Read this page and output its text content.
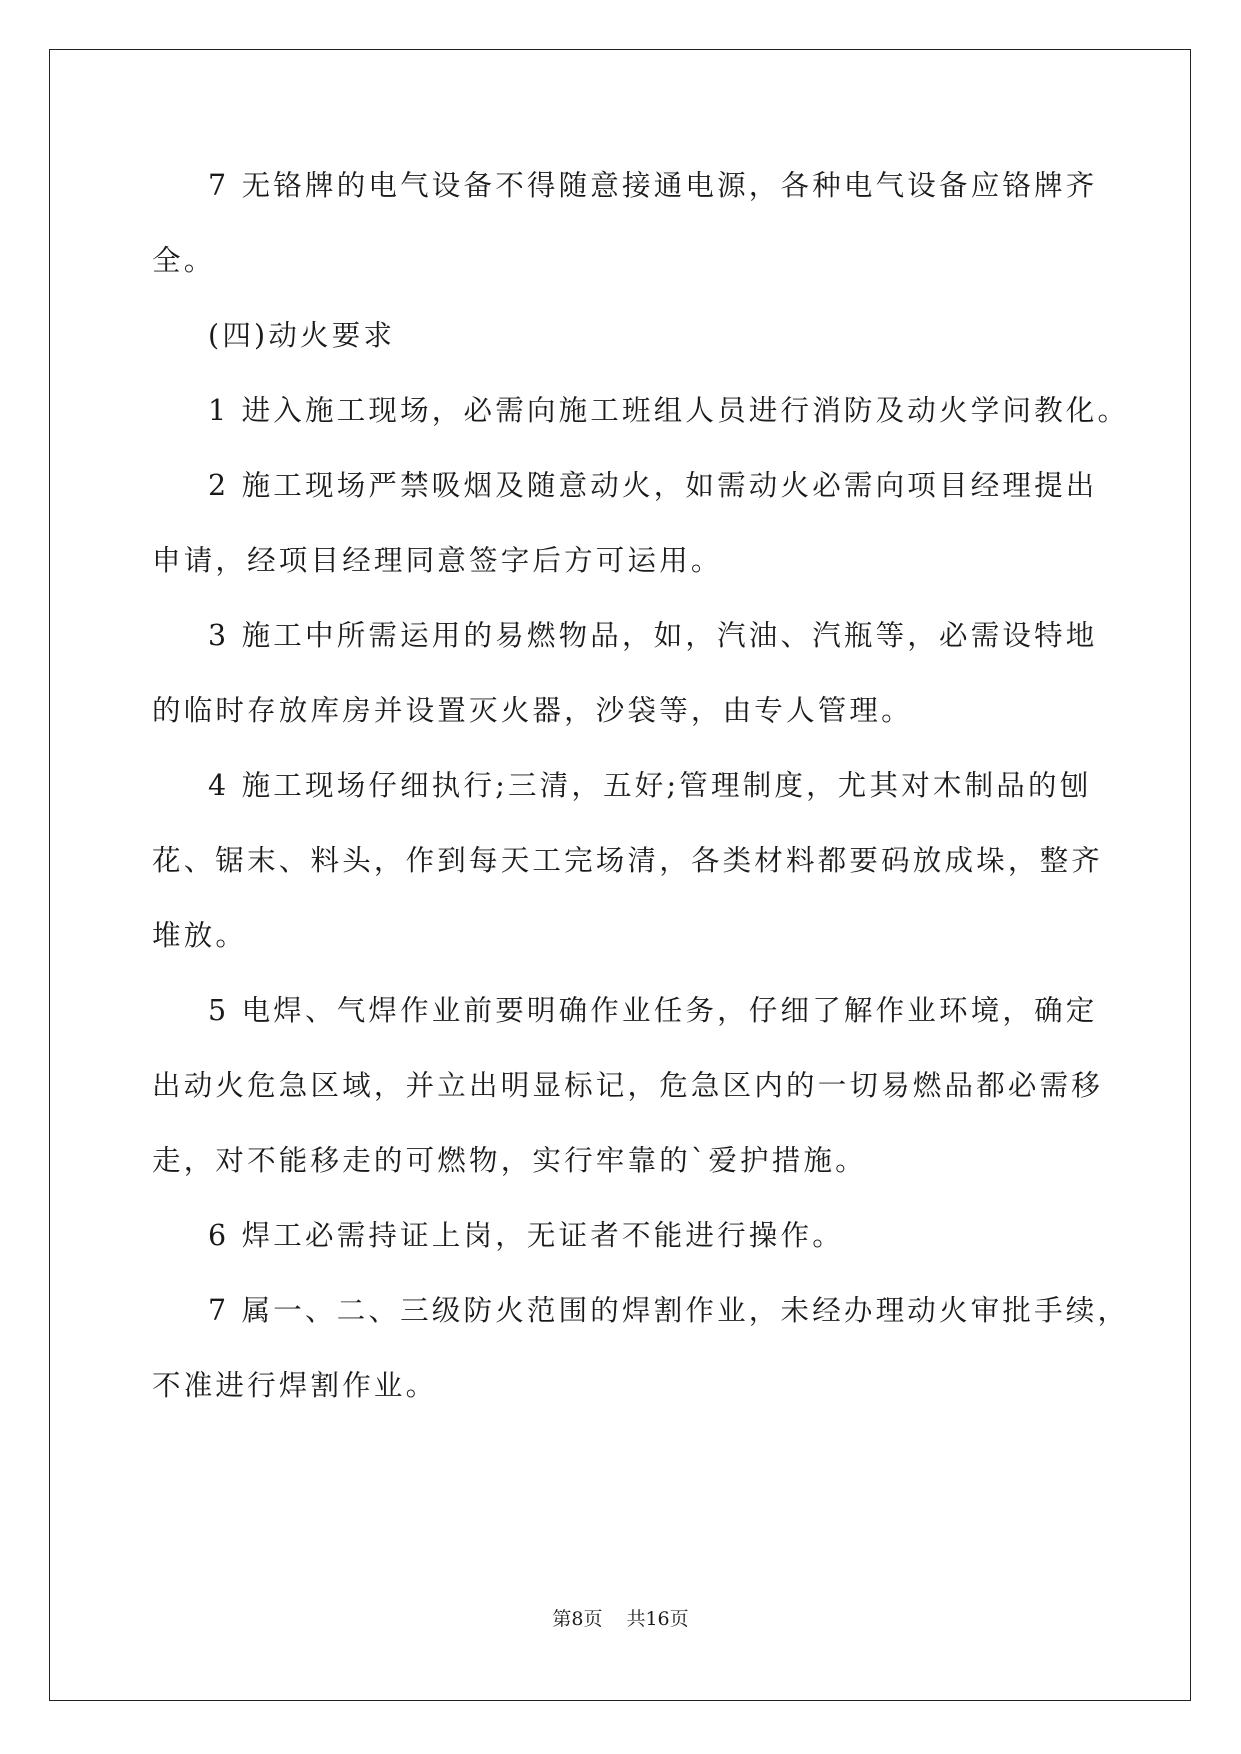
7 无铬牌的电气设备不得随意接通电源，各种电气设备应铬牌齐
全。
(四)动火要求
1 进入施工现场，必需向施工班组人员进行消防及动火学问教化。
2 施工现场严禁吸烟及随意动火，如需动火必需向项目经理提出
申请，经项目经理同意签字后方可运用。
3 施工中所需运用的易燃物品，如，汽油、汽瓶等，必需设特地
的临时存放库房并设置灭火器，沙袋等，由专人管理。
4 施工现场仔细执行;三清，五好;管理制度，尤其对木制品的刨
花、锯末、料头，作到每天工完场清，各类材料都要码放成垛，整齐
堆放。
5 电焊、气焊作业前要明确作业任务，仔细了解作业环境，确定
出动火危急区域，并立出明显标记，危急区内的一切易燃品都必需移
走，对不能移走的可燃物，实行牢靠的`爱护措施。
6 焊工必需持证上岗，无证者不能进行操作。
7 属一、二、三级防火范围的焊割作业，未经办理动火审批手续，
不准进行焊割作业。
第8页 共16页
